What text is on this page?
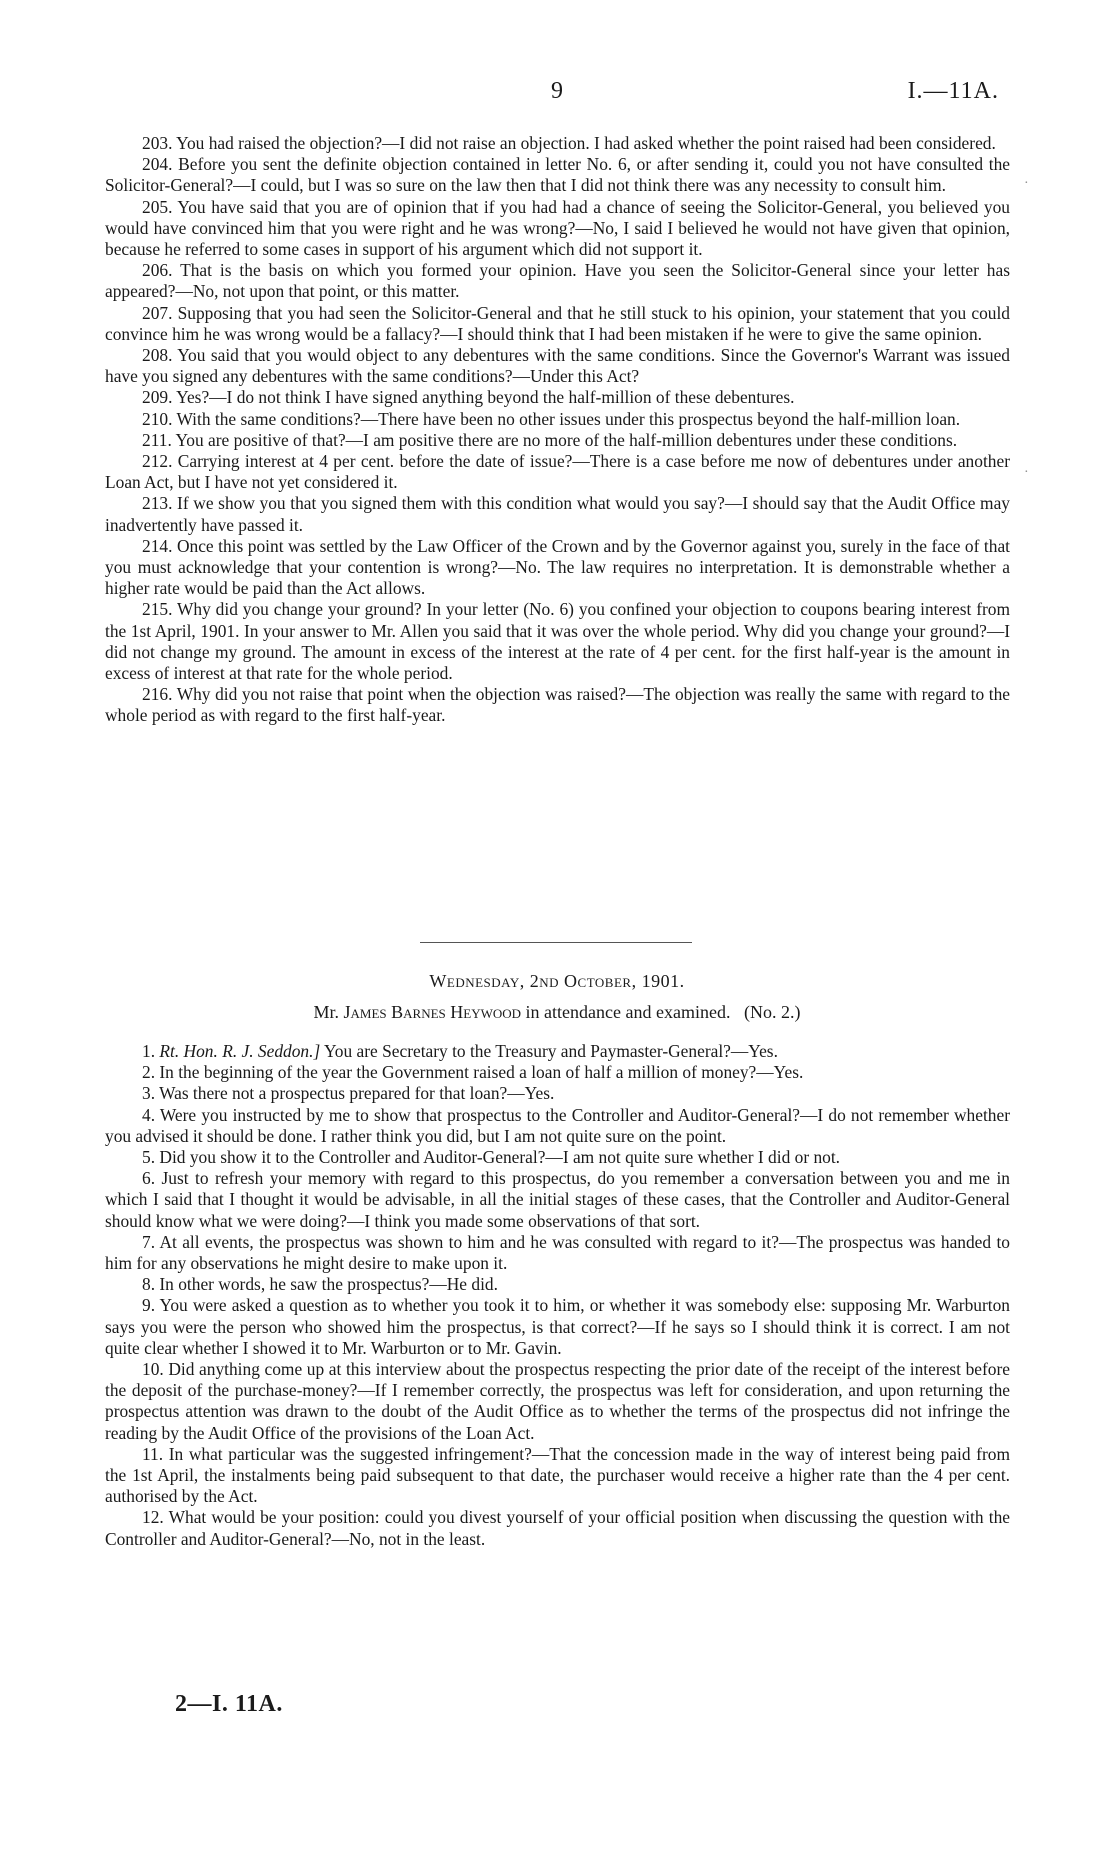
9	I.—11A.

203. You had raised the objection?—I did not raise an objection. I had asked whether the point raised had been considered.

204. Before you sent the definite objection contained in letter No. 6, or after sending it, could you not have consulted the Solicitor-General?—I could, but I was so sure on the law then that I did not think there was any necessity to consult him.

205. You have said that you are of opinion that if you had had a chance of seeing the Solicitor-General, you believed you would have convinced him that you were right and he was wrong?—No, I said I believed he would not have given that opinion, because he referred to some cases in support of his argument which did not support it.

206. That is the basis on which you formed your opinion. Have you seen the Solicitor-General since your letter has appeared?—No, not upon that point, or this matter.

207. Supposing that you had seen the Solicitor-General and that he still stuck to his opinion, your statement that you could convince him he was wrong would be a fallacy?—I should think that I had been mistaken if he were to give the same opinion.

208. You said that you would object to any debentures with the same conditions. Since the Governor's Warrant was issued have you signed any debentures with the same conditions?—Under this Act?

209. Yes?—I do not think I have signed anything beyond the half-million of these debentures.

210. With the same conditions?—There have been no other issues under this prospectus beyond the half-million loan.

211. You are positive of that?—I am positive there are no more of the half-million debentures under these conditions.

212. Carrying interest at 4 per cent. before the date of issue?—There is a case before me now of debentures under another Loan Act, but I have not yet considered it.

213. If we show you that you signed them with this condition what would you say?—I should say that the Audit Office may inadvertently have passed it.

214. Once this point was settled by the Law Officer of the Crown and by the Governor against you, surely in the face of that you must acknowledge that your contention is wrong?—No. The law requires no interpretation. It is demonstrable whether a higher rate would be paid than the Act allows.

215. Why did you change your ground? In your letter (No. 6) you confined your objection to coupons bearing interest from the 1st April, 1901. In your answer to Mr. Allen you said that it was over the whole period. Why did you change your ground?—I did not change my ground. The amount in excess of the interest at the rate of 4 per cent. for the first half-year is the amount in excess of interest at that rate for the whole period.

216. Why did you not raise that point when the objection was raised?—The objection was really the same with regard to the whole period as with regard to the first half-year.

Wednesday, 2nd October, 1901.
Mr. James Barnes Heywood in attendance and examined. (No. 2.)

1. Rt. Hon. R. J. Seddon.] You are Secretary to the Treasury and Paymaster-General?—Yes.

2. In the beginning of the year the Government raised a loan of half a million of money?—Yes.

3. Was there not a prospectus prepared for that loan?—Yes.

4. Were you instructed by me to show that prospectus to the Controller and Auditor-General?—I do not remember whether you advised it should be done. I rather think you did, but I am not quite sure on the point.

5. Did you show it to the Controller and Auditor-General?—I am not quite sure whether I did or not.

6. Just to refresh your memory with regard to this prospectus, do you remember a conversation between you and me in which I said that I thought it would be advisable, in all the initial stages of these cases, that the Controller and Auditor-General should know what we were doing?—I think you made some observations of that sort.

7. At all events, the prospectus was shown to him and he was consulted with regard to it?—The prospectus was handed to him for any observations he might desire to make upon it.

8. In other words, he saw the prospectus?—He did.

9. You were asked a question as to whether you took it to him, or whether it was somebody else: supposing Mr. Warburton says you were the person who showed him the prospectus, is that correct?—If he says so I should think it is correct. I am not quite clear whether I showed it to Mr. Warburton or to Mr. Gavin.

10. Did anything come up at this interview about the prospectus respecting the prior date of the receipt of the interest before the deposit of the purchase-money?—If I remember correctly, the prospectus was left for consideration, and upon returning the prospectus attention was drawn to the doubt of the Audit Office as to whether the terms of the prospectus did not infringe the reading by the Audit Office of the provisions of the Loan Act.

11. In what particular was the suggested infringement?—That the concession made in the way of interest being paid from the 1st April, the instalments being paid subsequent to that date, the purchaser would receive a higher rate than the 4 per cent. authorised by the Act.

12. What would be your position: could you divest yourself of your official position when discussing the question with the Controller and Auditor-General?—No, not in the least.

2—I. 11A.
·
·
